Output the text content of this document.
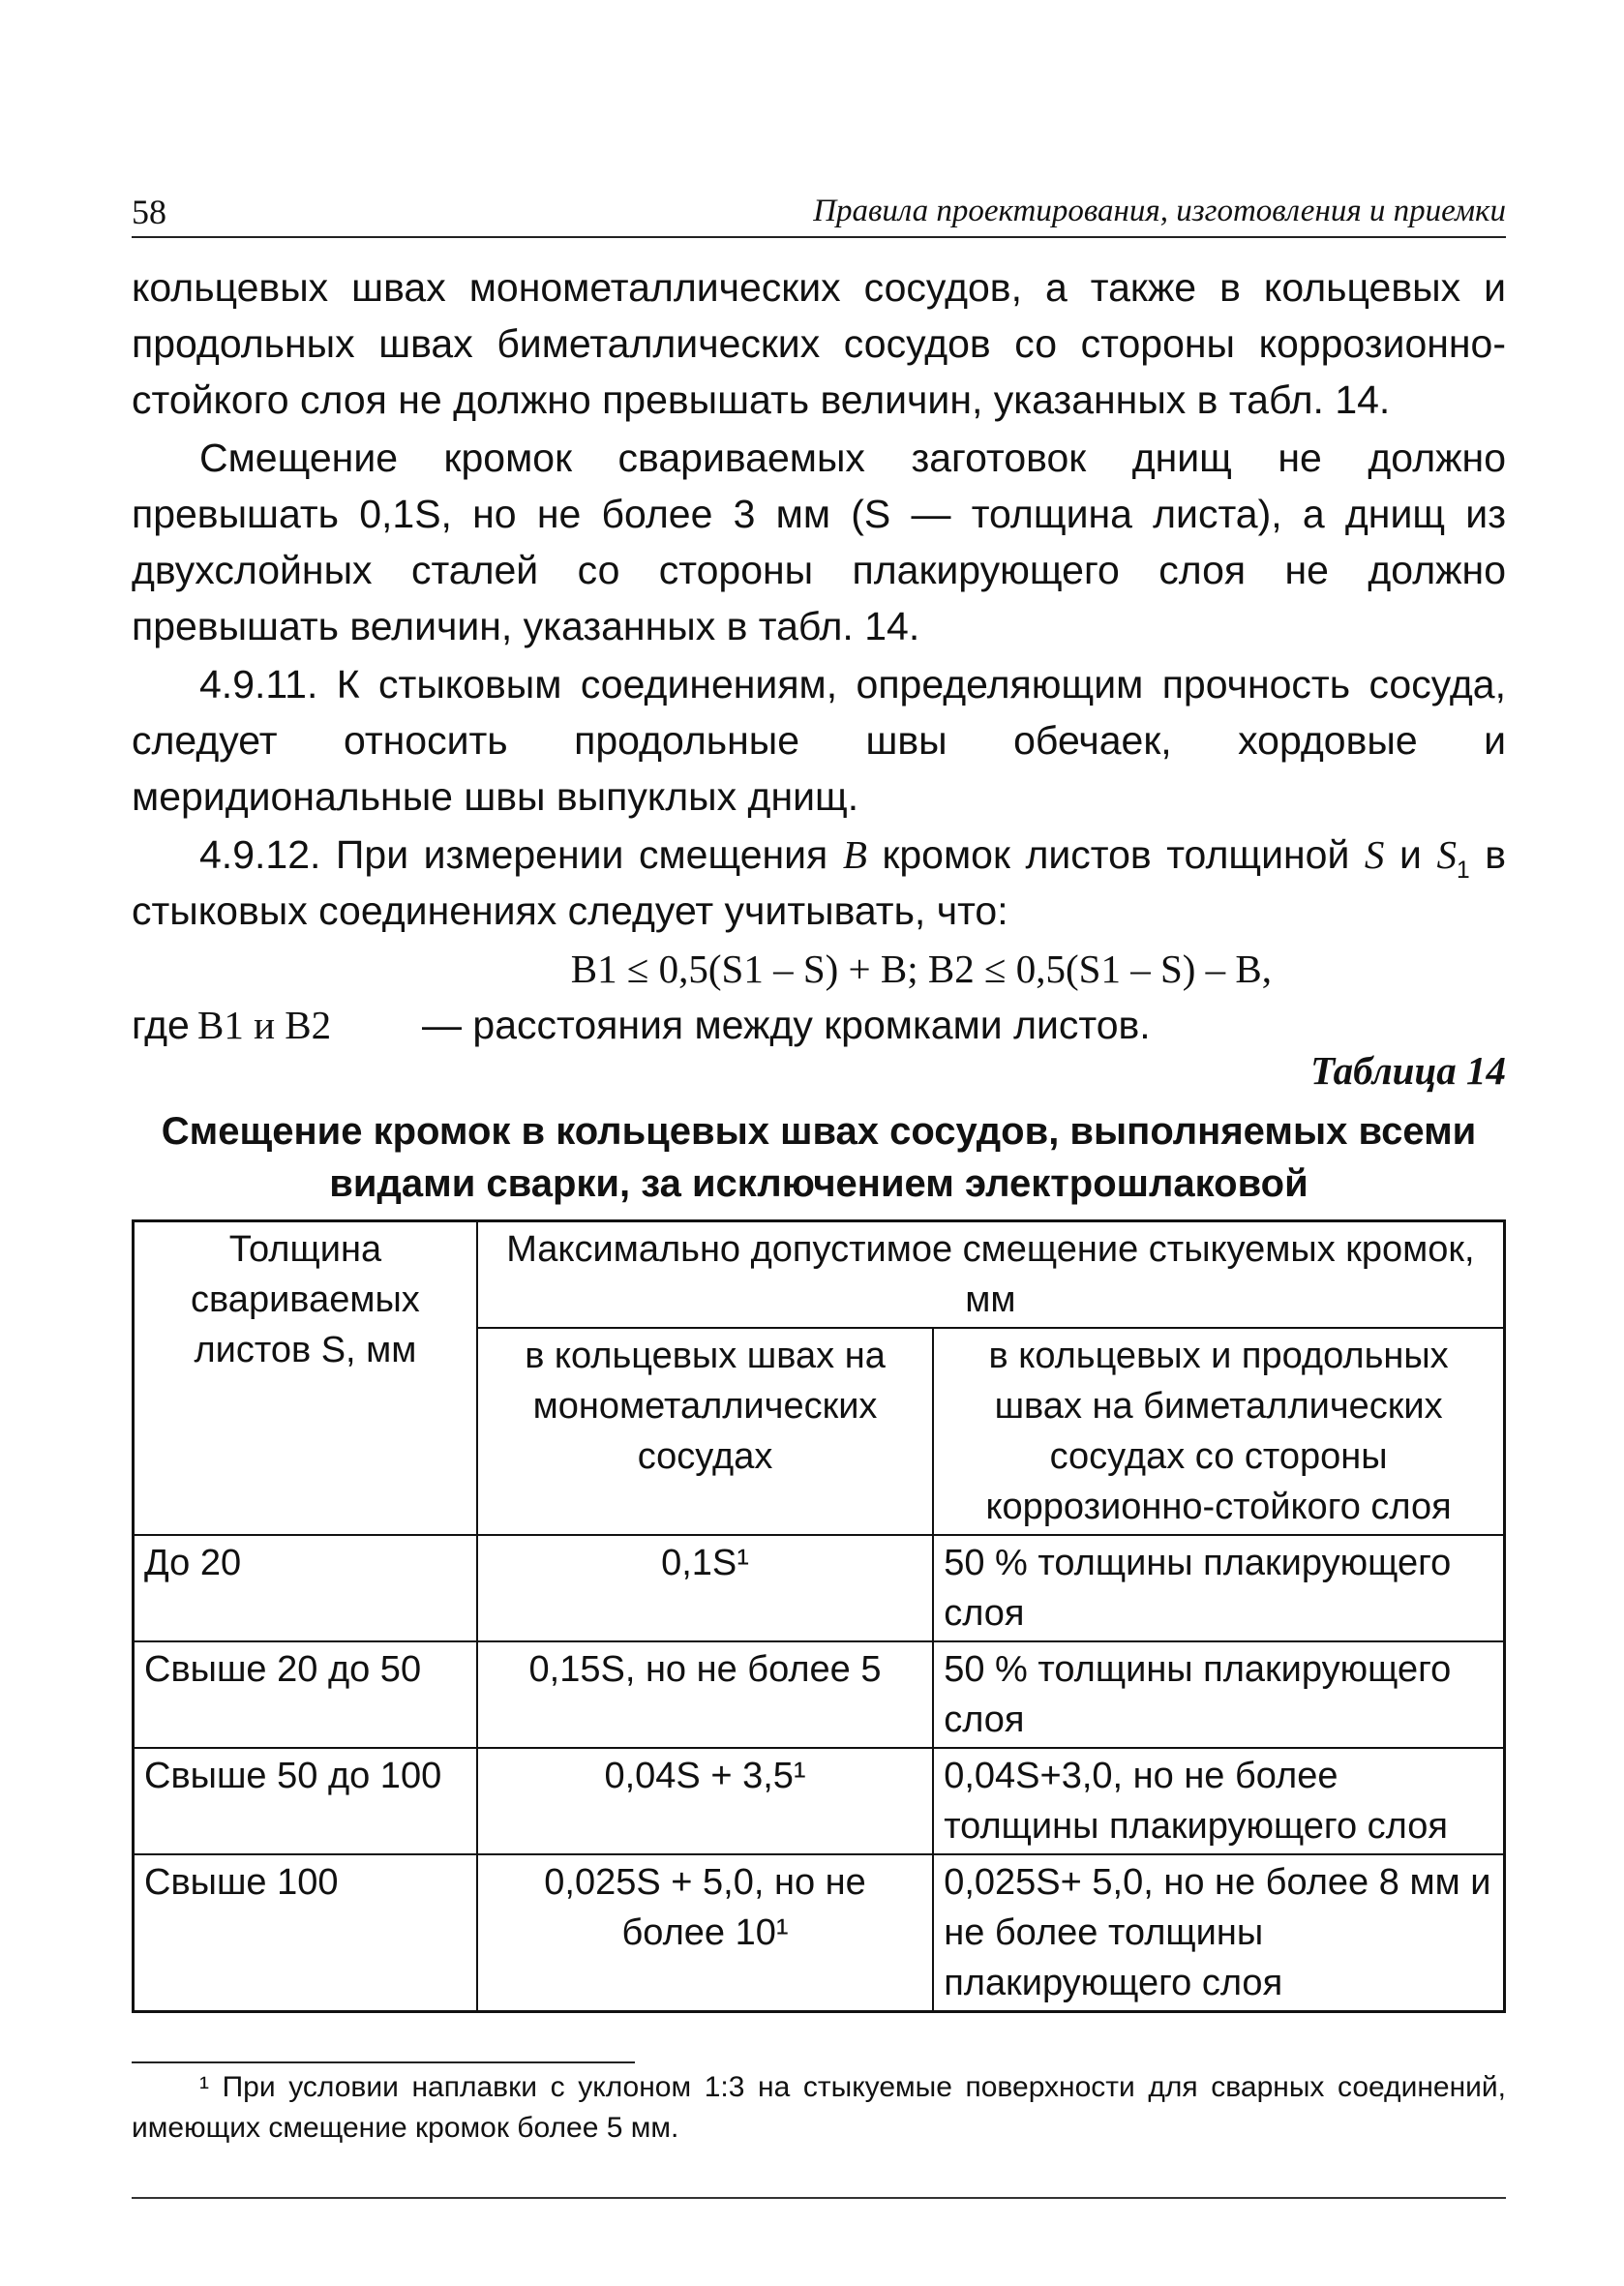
58	Правила проектирования, изготовления и приемки

кольцевых швах монометаллических сосудов, а также в кольцевых и продольных швах биметаллических сосудов со стороны коррозионно-стойкого слоя не должно превышать величин, указанных в табл. 14.

Смещение кромок свариваемых заготовок днищ не должно превышать 0,1S, но не более 3 мм (S — толщина листа), а днищ из двухслойных сталей со стороны плакирующего слоя не должно превышать величин, указанных в табл. 14.

4.9.11. К стыковым соединениям, определяющим прочность сосуда, следует относить продольные швы обечаек, хордовые и меридиональные швы выпуклых днищ.

4.9.12. При измерении смещения B кромок листов толщиной S и $S_1$ в стыковых соединениях следует учитывать, что:

B1 ≤ 0,5(S1 – S) + B; B2 ≤ 0,5(S1 – S) – B,
где B1 и B2 — расстояния между кромками листов.
Таблица 14
Смещение кромок в кольцевых швах сосудов, выполняемых всеми видами сварки, за исключением электрошлаковой
Толщина свариваемых листов S, мм	Максимально допустимое смещение стыкуемых кромок, мм	
	в кольцевых швах на монометаллических сосудах	в кольцевых и продольных швах на биметаллических сосудах со стороны коррозионно-стойкого слоя
До 20	0,1S¹	50 % толщины плакирующего слоя
Свыше 20 до 50	0,15S, но не более 5	50 % толщины плакирующего слоя
Свыше 50 до 100	0,04S + 3,5¹	0,04S+3,0, но не более толщины плакирующего слоя
Свыше 100	0,025S + 5,0, но не более 10¹	0,025S+ 5,0, но не более 8 мм и не более толщины плакирующего слоя
¹ При условии наплавки с уклоном 1:3 на стыкуемые поверхности для сварных соединений, имеющих смещение кромок более 5 мм.
